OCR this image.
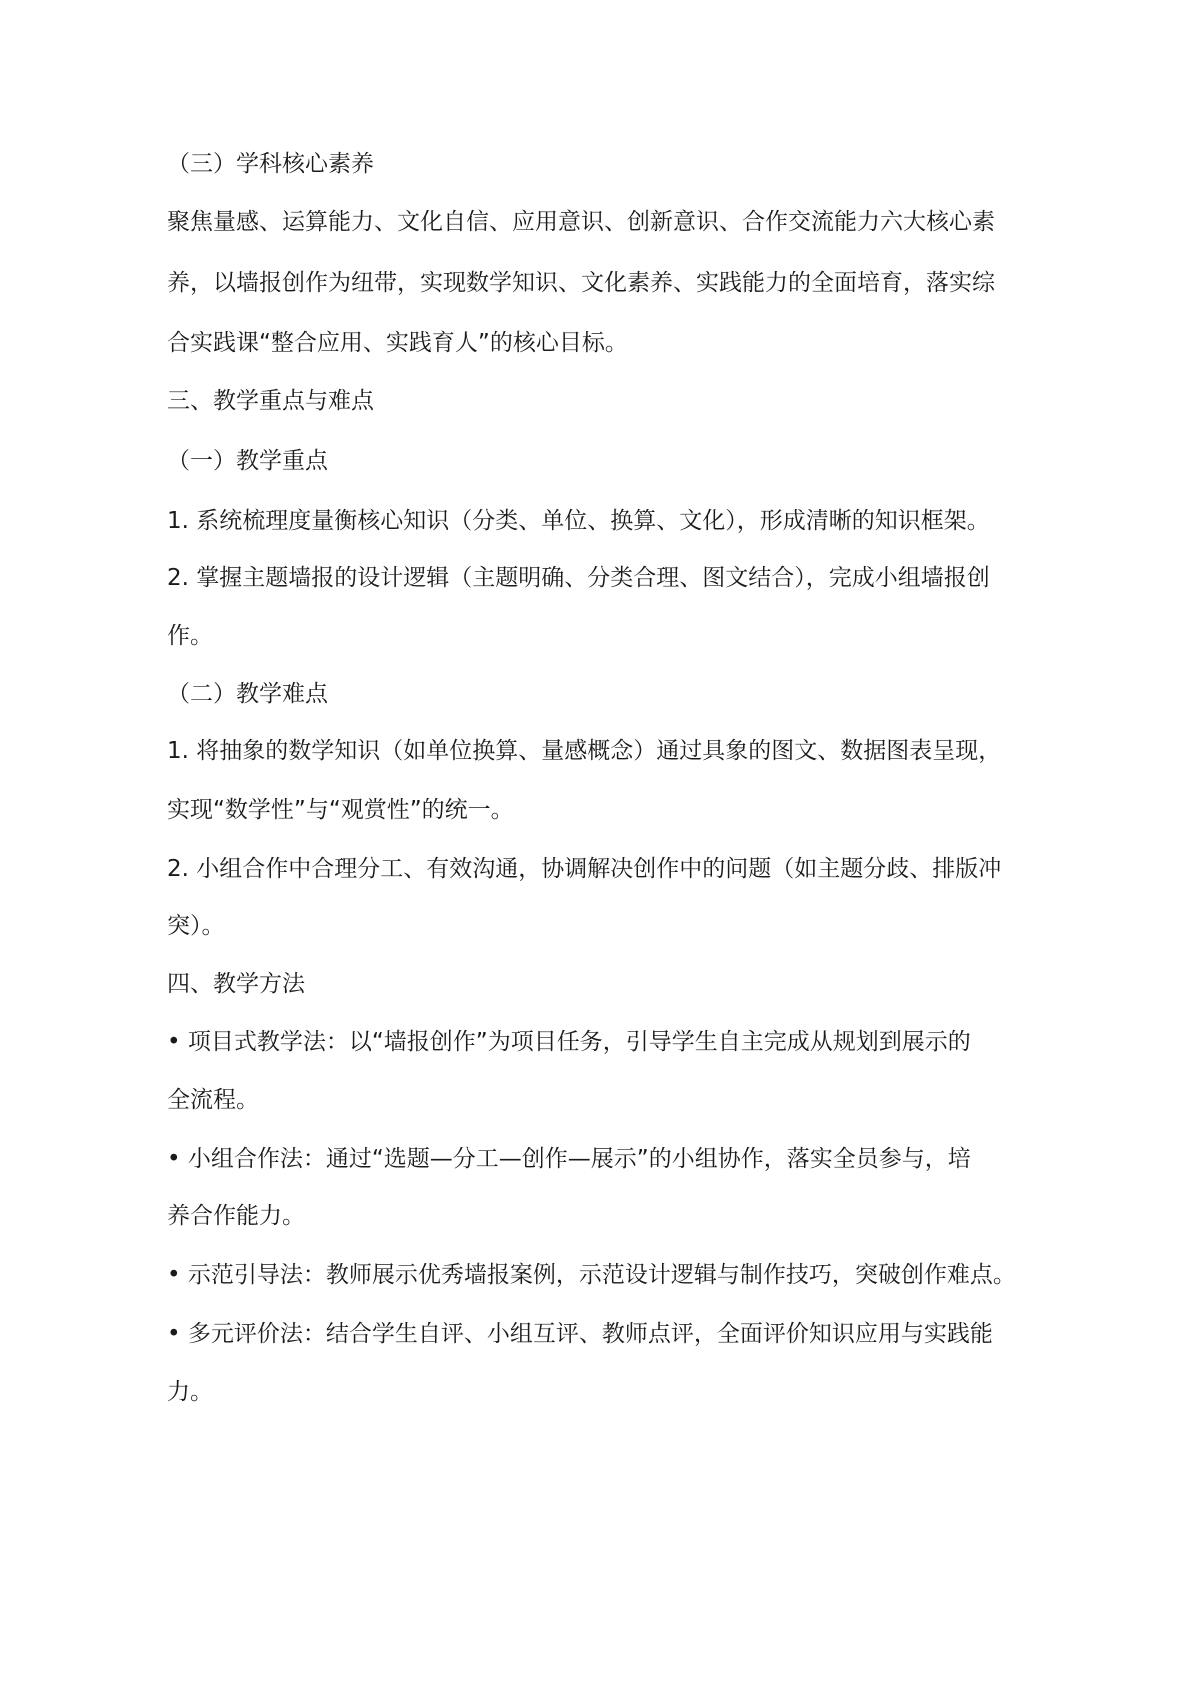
（三）学科核心素养
聚焦量感、运算能力、文化自信、应用意识、创新意识、合作交流能力六大核心素
养，以墙报创作为纽带，实现数学知识、文化素养、实践能力的全面培育，落实综
合实践课“整合应用、实践育人”的核心目标。
三、教学重点与难点
（一）教学重点
1. 系统梳理度量衡核心知识（分类、单位、换算、文化），形成清晰的知识框架。
2. 掌握主题墙报的设计逻辑（主题明确、分类合理、图文结合），完成小组墙报创
作。
（二）教学难点
1. 将抽象的数学知识（如单位换算、量感概念）通过具象的图文、数据图表呈现，
实现“数学性”与“观赏性”的统一。
2. 小组合作中合理分工、有效沟通，协调解决创作中的问题（如主题分歧、排版冲
突）。
四、教学方法
• 项目式教学法：以“墙报创作”为项目任务，引导学生自主完成从规划到展示的
全流程。
• 小组合作法：通过“选题—分工—创作—展示”的小组协作，落实全员参与，培
养合作能力。
• 示范引导法：教师展示优秀墙报案例，示范设计逻辑与制作技巧，突破创作难点。
• 多元评价法：结合学生自评、小组互评、教师点评，全面评价知识应用与实践能
力。
